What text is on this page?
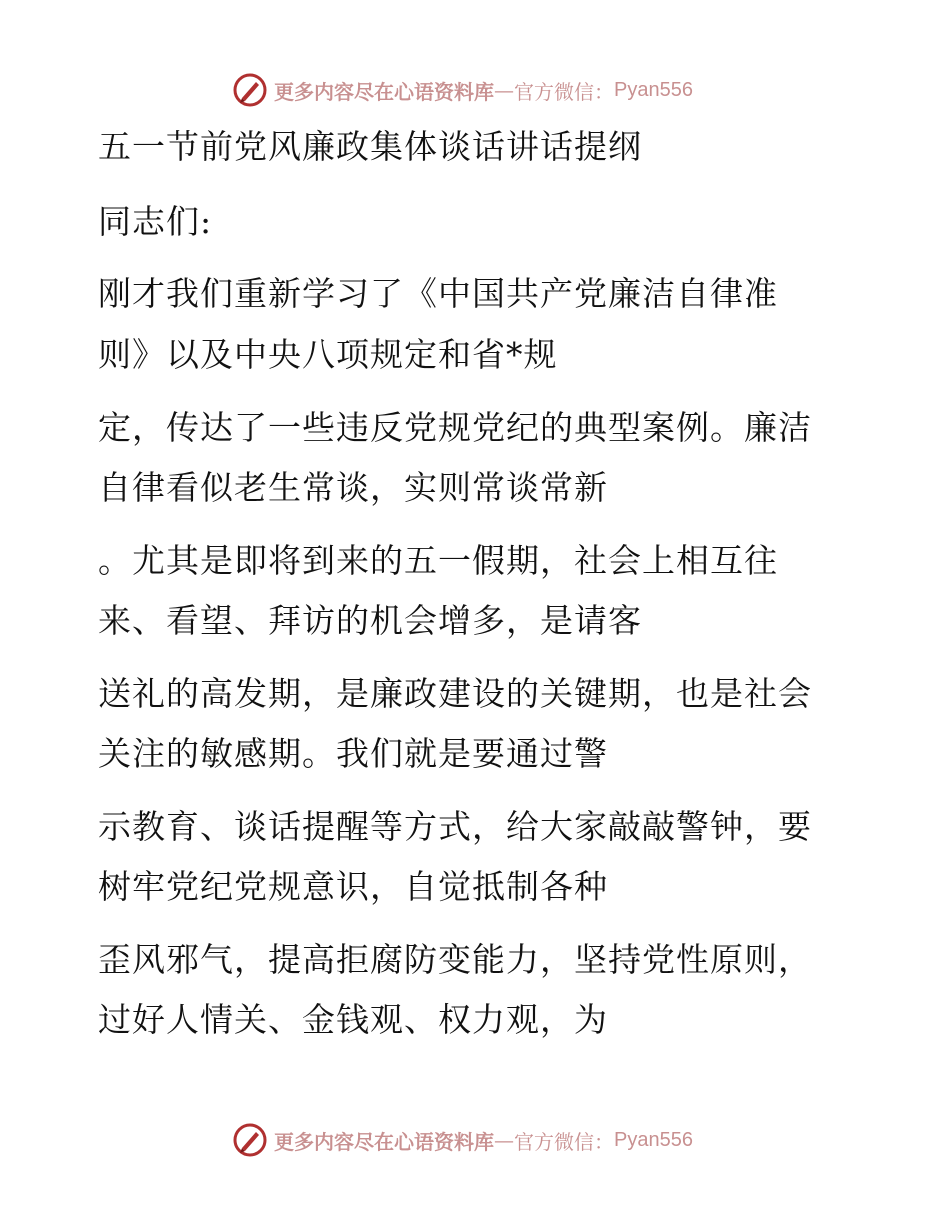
更多内容尽在心语资料库 — 官方微信： Pyan556
五一节前党风廉政集体谈话讲话提纲
同志们:
刚才我们重新学习了《中国共产党廉洁自律准
则》以及中央八项规定和省*规
定，传达了一些违反党规党纪的典型案例。廉洁
自律看似老生常谈，实则常谈常新
。尤其是即将到来的五一假期，社会上相互往
来、看望、拜访的机会增多，是请客
送礼的高发期，是廉政建设的关键期，也是社会
关注的敏感期。我们就是要通过警
示教育、谈话提醒等方式，给大家敲敲警钟，要
树牢党纪党规意识，自觉抵制各种
歪风邪气，提高拒腐防变能力，坚持党性原则，
过好人情关、金钱观、权力观，为
更多内容尽在心语资料库 — 官方微信： Pyan556
